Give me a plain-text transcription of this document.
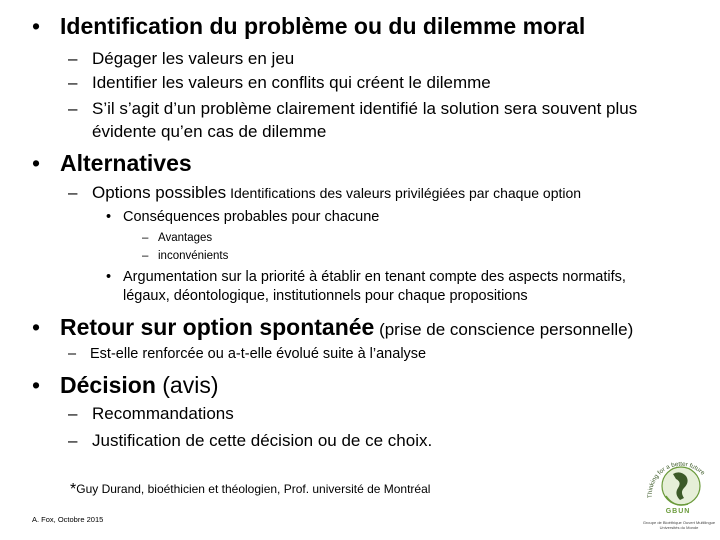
• Identification du problème ou du dilemme moral
– Dégager les valeurs en jeu
– Identifier les valeurs en conflits qui créent le dilemme
– S’il s’agit d’un problème clairement identifié la solution sera souvent plus
évidente qu’en cas de dilemme
• Alternatives
– Options possibles Identifications des valeurs privilégiées par chaque option
• Conséquences probables pour chacune
– Avantages
– inconvénients
• Argumentation sur la priorité à établir en tenant compte des aspects normatifs,
légaux, déontologique, institutionnels pour chaque propositions
• Retour sur option spontanée (prise de conscience personnelle)
– Est-elle renforcée ou a-t-elle évolué suite à l’analyse
• Décision (avis)
– Recommandations
– Justification de cette décision ou de ce choix.
*Guy Durand, bioéthicien et théologien, Prof. université de Montréal
A. Fox, Octobre 2015
Thinking for a better future
GBUN
Groupe de Bioéthique Ouvert Multilingue
Universités du Monde
